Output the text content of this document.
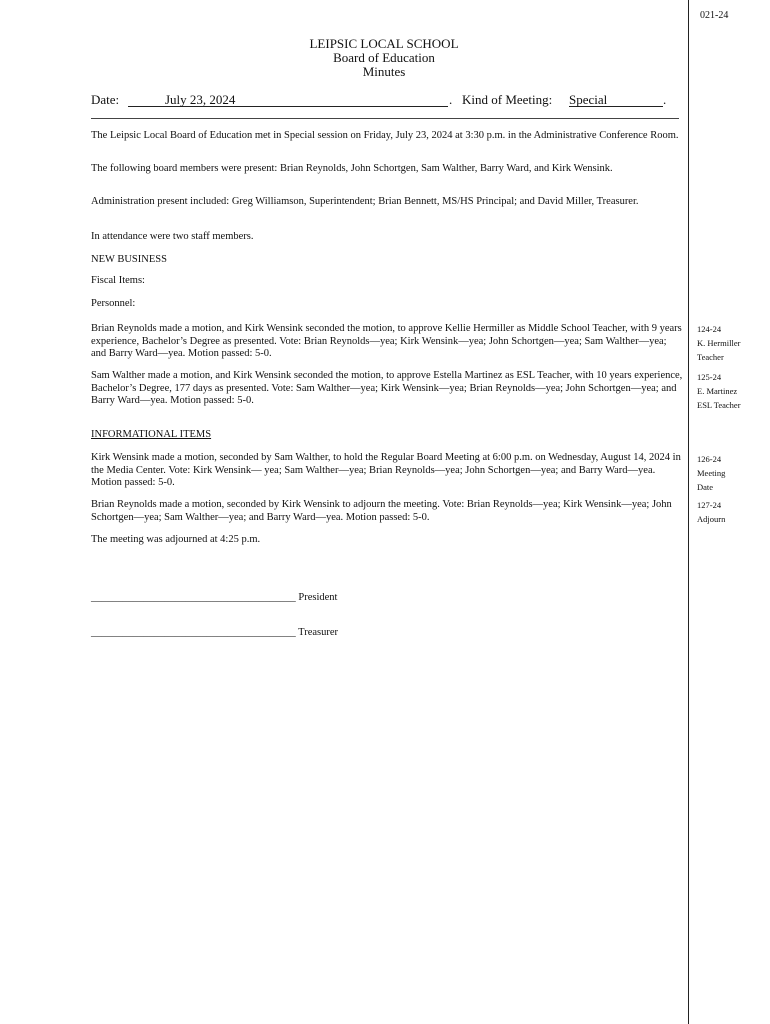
021-24
LEIPSIC LOCAL SCHOOL
Board of Education
Minutes
Date:	July 23, 2024	. Kind of Meeting: Special	.

The Leipsic Local Board of Education met in Special session on Friday, July 23, 2024 at 3:30 p.m. in the Administrative Conference Room.

The following board members were present: Brian Reynolds, John Schortgen, Sam Walther, Barry Ward, and Kirk Wensink.

Administration present included: Greg Williamson, Superintendent; Brian Bennett, MS/HS Principal; and David Miller, Treasurer.

In attendance were two staff members.

NEW BUSINESS

Fiscal Items:

Personnel:

Brian Reynolds made a motion, and Kirk Wensink seconded the motion, to approve Kellie Hermiller as Middle School Teacher, with 9 years experience, Bachelor’s Degree as presented. Vote: Brian Reynolds—yea; Kirk Wensink—yea; John Schortgen—yea; Sam Walther—yea; and Barry Ward—yea. Motion passed: 5-0.

Sam Walther made a motion, and Kirk Wensink seconded the motion, to approve Estella Martinez as ESL Teacher, with 10 years experience, Bachelor’s Degree, 177 days as presented. Vote: Sam Walther—yea; Kirk Wensink—yea; Brian Reynolds—yea; John Schortgen—yea; and Barry Ward—yea. Motion passed: 5-0.

INFORMATIONAL ITEMS

Kirk Wensink made a motion, seconded by Sam Walther, to hold the Regular Board Meeting at 6:00 p.m. on Wednesday, August 14, 2024 in the Media Center. Vote: Kirk Wensink— yea; Sam Walther—yea; Brian Reynolds—yea; John Schortgen—yea; and Barry Ward—yea. Motion passed: 5-0.

Brian Reynolds made a motion, seconded by Kirk Wensink to adjourn the meeting. Vote: Brian Reynolds—yea; Kirk Wensink—yea; John Schortgen—yea; Sam Walther—yea; and Barry Ward—yea. Motion passed: 5-0.

The meeting was adjourned at 4:25 p.m.

124-24
K. Hermiller
Teacher
125-24
E. Martinez
ESL Teacher
126-24
Meeting
Date
127-24
Adjourn
_______________________________________ President
_______________________________________ Treasurer
